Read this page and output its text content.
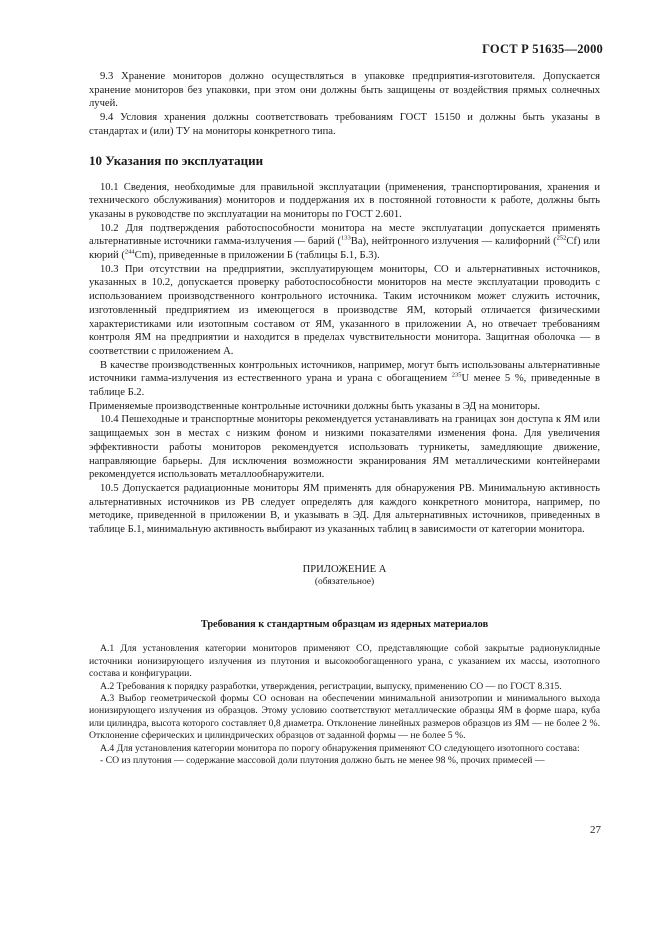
ГОСТ Р 51635—2000

9.3 Хранение мониторов должно осуществляться в упаковке предприятия-изготовителя. Допускается хранение мониторов без упаковки, при этом они должны быть защищены от воздействия прямых солнечных лучей.

9.4 Условия хранения должны соответствовать требованиям ГОСТ 15150 и должны быть указаны в стандартах и (или) ТУ на мониторы конкретного типа.

10 Указания по эксплуатации

10.1 Сведения, необходимые для правильной эксплуатации (применения, транспортирования, хранения и технического обслуживания) мониторов и поддержания их в постоянной готовности к работе, должны быть указаны в руководстве по эксплуатации на мониторы по ГОСТ 2.601.

10.2 Для подтверждения работоспособности монитора на месте эксплуатации допускается применять альтернативные источники гамма-излучения — барий ($^{133}$Ba), нейтронного излучения — калифорний ($^{252}$Cf) или кюрий ($^{244}$Cm), приведенные в приложении Б (таблицы Б.1, Б.3).

10.3 При отсутствии на предприятии, эксплуатирующем мониторы, СО и альтернативных источников, указанных в 10.2, допускается проверку работоспособности мониторов на месте эксплуатации проводить с использованием производственного контрольного источника. Таким источником может служить источник, изготовленный предприятием из имеющегося в производстве ЯМ, который отличается физическими характеристиками или изотопным составом от ЯМ, указанного в приложении А, но отвечает требованиям контроля ЯМ на предприятии и находится в пределах чувствительности монитора. Защитная оболочка — в соответствии с приложением А.

В качестве производственных контрольных источников, например, могут быть использованы альтернативные источники гамма-излучения из естественного урана и урана с обогащением $^{235}$U менее 5 %, приведенные в таблице Б.2.

Применяемые производственные контрольные источники должны быть указаны в ЭД на мониторы.

10.4 Пешеходные и транспортные мониторы рекомендуется устанавливать на границах зон доступа к ЯМ или защищаемых зон в местах с низким фоном и низкими показателями изменения фона. Для увеличения эффективности работы мониторов рекомендуется использовать турникеты, замедляющие движение, направляющие барьеры. Для исключения возможности экранирования ЯМ металлическими контейнерами рекомендуется использовать металлообнаружители.

10.5 Допускается радиационные мониторы ЯМ применять для обнаружения РВ. Минимальную активность альтернативных источников из РВ следует определять для каждого конкретного монитора, например, по методике, приведенной в приложении В, и указывать в ЭД. Для альтернативных источников, приведенных в таблице Б.1, минимальную активность выбирают из указанных таблиц в зависимости от категории монитора.

ПРИЛОЖЕНИЕ А
(обязательное)
Требования к стандартным образцам из ядерных материалов

А.1 Для установления категории мониторов применяют СО, представляющие собой закрытые радионуклидные источники ионизирующего излучения из плутония и высокообогащенного урана, с указанием их массы, изотопного состава и конфигурации.

А.2 Требования к порядку разработки, утверждения, регистрации, выпуску, применению СО — по ГОСТ 8.315.

А.3 Выбор геометрической формы СО основан на обеспечении минимальной анизотропии и минимального выхода ионизирующего излучения из образцов. Этому условию соответствуют металлические образцы ЯМ в форме шара, куба или цилиндра, высота которого составляет 0,8 диаметра. Отклонение линейных размеров образцов из ЯМ — не более 2 %. Отклонение сферических и цилиндрических образцов от заданной формы — не более 5 %.

А.4 Для установления категории монитора по порогу обнаружения применяют СО следующего изотопного состава:

- СО из плутония — содержание массовой доли плутония должно быть не менее 98 %, прочих примесей —

27
